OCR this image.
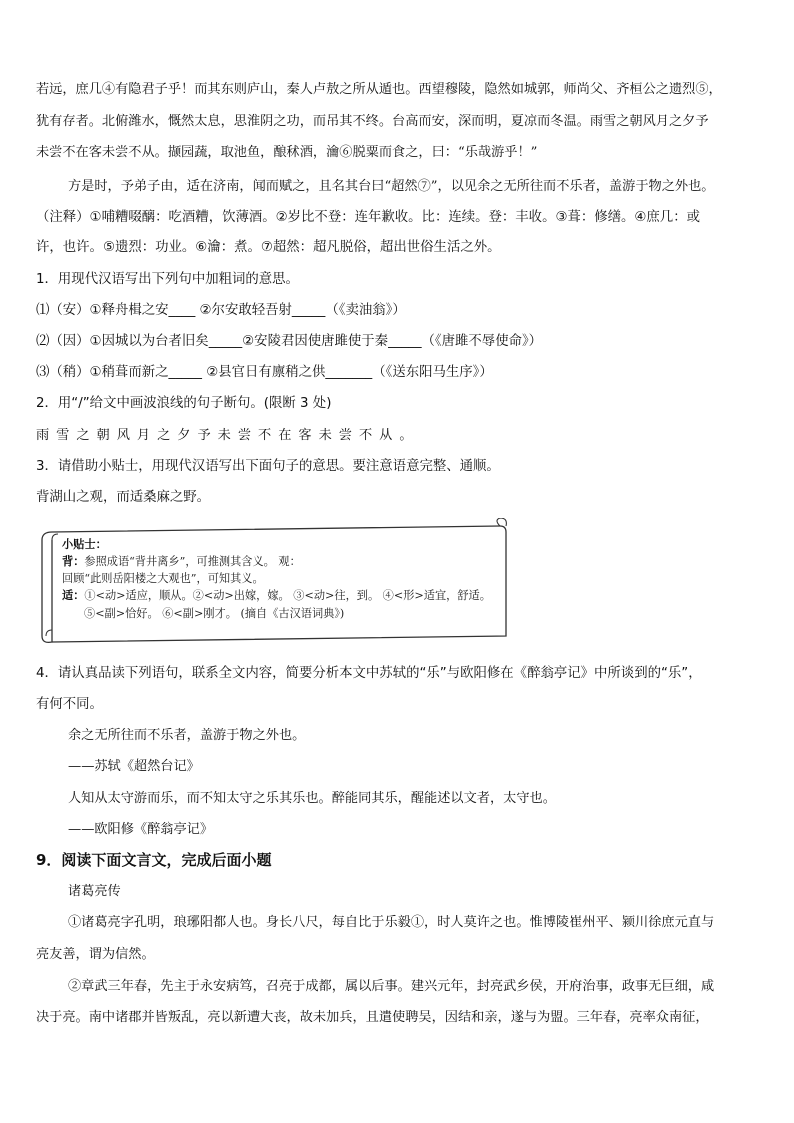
若远，庶几④有隐君子乎！而其东则庐山，秦人卢敖之所从遁也。西望穆陵，隐然如城郭，师尚父、齐桓公之遗烈⑤，
犹有存者。北俯潍水，慨然太息，思淮阴之功，而吊其不终。台高而安，深而明，夏凉而冬温。雨雪之朝风月之夕予
未尝不在客未尝不从。撷园蔬，取池鱼，酿秫酒，瀹⑥脱粟而食之，曰：“乐哉游乎！”
方是时，予弟子由，适在济南，闻而赋之，且名其台曰“超然⑦”，以见余之无所往而不乐者，盖游于物之外也。
（注释）①哺糟啜醨：吃酒糟，饮薄酒。②岁比不登：连年歉收。比：连续。登：丰收。③葺：修缮。④庶几：或
许，也许。⑤遗烈：功业。⑥瀹：煮。⑦超然：超凡脱俗，超出世俗生活之外。
1．用现代汉语写出下列句中加粗词的意思。
⑴（安）①释舟楫之安____ ②尔安敢轻吾射_____（《卖油翁》）
⑵（因）①因城以为台者旧矣_____②安陵君因使唐雎使于秦_____（《唐雎不辱使命》）
⑶（稍）①稍葺而新之_____ ②县官日有廪稍之供_______（《送东阳马生序》）
2．用“/”给文中画波浪线的句子断句。(限断 3 处)
雨雪之朝风月之夕予未尝不在客未尝不从。
3．请借助小贴士，用现代汉语写出下面句子的意思。要注意语意完整、通顺。
背湖山之观，而适桑麻之野。
小贴士：
背：参照成语“背井离乡”，可推测其含义。 观：
回顾“此则岳阳楼之大观也”，可知其义。
适：①<动>适应，顺从。②<动>出嫁，嫁。 ③<动>往，到。 ④<形>适宜，舒适。
⑤<副>恰好。 ⑥<副>刚才。 (摘自《古汉语词典》)
4．请认真品读下列语句，联系全文内容，简要分析本文中苏轼的“乐”与欧阳修在《醉翁亭记》中所谈到的“乐”，
有何不同。
余之无所往而不乐者，盖游于物之外也。
——苏轼《超然台记》
人知从太守游而乐，而不知太守之乐其乐也。醉能同其乐，醒能述以文者，太守也。
——欧阳修《醉翁亭记》
9．阅读下面文言文，完成后面小题
诸葛亮传
①诸葛亮字孔明，琅琊阳都人也。身长八尺，每自比于乐毅①，时人莫许之也。惟博陵崔州平、颍川徐庶元直与
亮友善，谓为信然。
②章武三年春，先主于永安病笃，召亮于成都，属以后事。建兴元年，封亮武乡侯，开府治事，政事无巨细，咸
决于亮。南中诸郡并皆叛乱，亮以新遭大丧，故未加兵，且遣使聘吴，因结和亲，遂与为盟。三年春，亮率众南征，
